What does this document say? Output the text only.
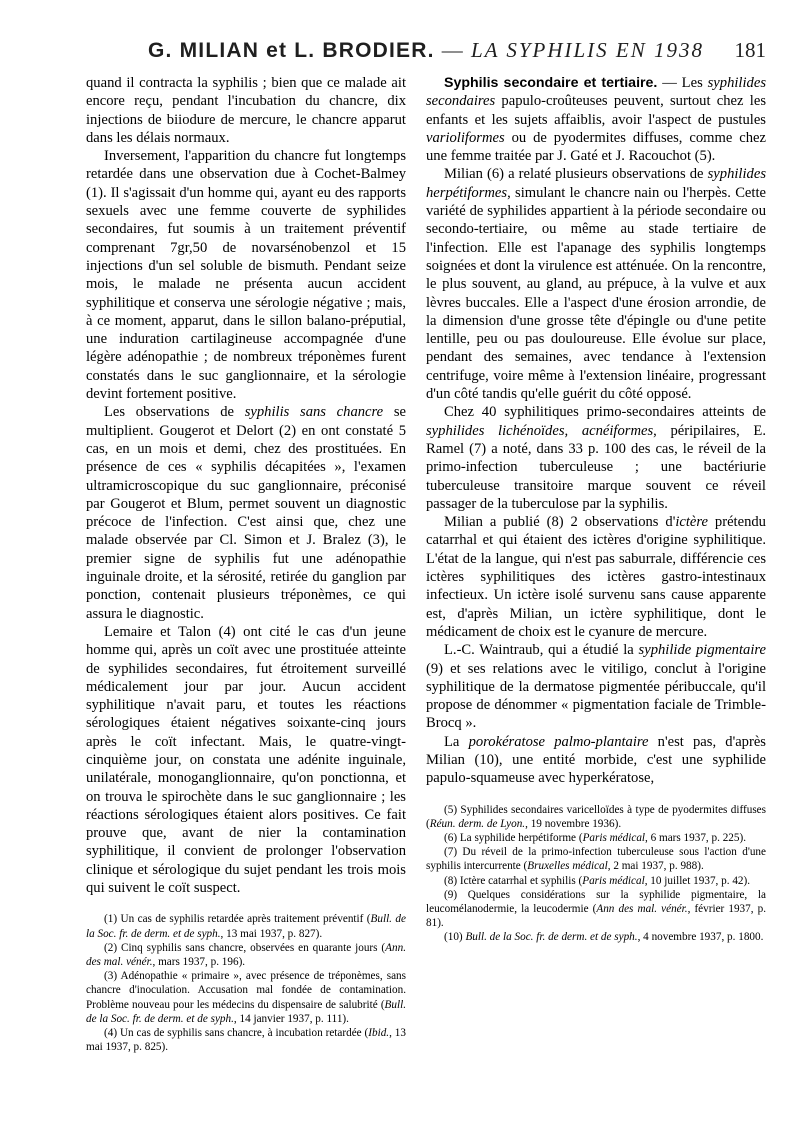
G. MILIAN et L. BRODIER. — LA SYPHILIS EN 1938 181

quand il contracta la syphilis ; bien que ce malade ait encore reçu, pendant l'incubation du chancre, dix injections de biiodure de mercure, le chancre apparut dans les délais normaux.

Inversement, l'apparition du chancre fut longtemps retardée dans une observation due à Cochet-Balmey (1). Il s'agissait d'un homme qui, ayant eu des rapports sexuels avec une femme couverte de syphilides secondaires, fut soumis à un traitement préventif comprenant 7gr,50 de novarsénobenzol et 15 injections d'un sel soluble de bismuth. Pendant seize mois, le malade ne présenta aucun accident syphilitique et conserva une sérologie négative ; mais, à ce moment, apparut, dans le sillon balano-préputial, une induration cartilagineuse accompagnée d'une légère adénopathie ; de nombreux tréponèmes furent constatés dans le suc ganglionnaire, et la sérologie devint fortement positive.

Les observations de syphilis sans chancre se multiplient. Gougerot et Delort (2) en ont constaté 5 cas, en un mois et demi, chez des prostituées. En présence de ces « syphilis décapitées », l'examen ultramicroscopique du suc ganglionnaire, préconisé par Gougerot et Blum, permet souvent un diagnostic précoce de l'infection. C'est ainsi que, chez une malade observée par Cl. Simon et J. Bralez (3), le premier signe de syphilis fut une adénopathie inguinale droite, et la sérosité, retirée du ganglion par ponction, contenait plusieurs tréponèmes, ce qui assura le diagnostic.

Lemaire et Talon (4) ont cité le cas d'un jeune homme qui, après un coït avec une prostituée atteinte de syphilides secondaires, fut étroitement surveillé médicalement jour par jour. Aucun accident syphilitique n'avait paru, et toutes les réactions sérologiques étaient négatives soixante-cinq jours après le coït infectant. Mais, le quatre-vingt-cinquième jour, on constata une adénite inguinale, unilatérale, monoganglionnaire, qu'on ponctionna, et on trouva le spirochète dans le suc ganglionnaire ; les réactions sérologiques étaient alors positives. Ce fait prouve que, avant de nier la contamination syphilitique, il convient de prolonger l'observation clinique et sérologique du sujet pendant les trois mois qui suivent le coït suspect.

(1) Un cas de syphilis retardée après traitement préventif (Bull. de la Soc. fr. de derm. et de syph., 13 mai 1937, p. 827).

(2) Cinq syphilis sans chancre, observées en quarante jours (Ann. des mal. vénér., mars 1937, p. 196).

(3) Adénopathie « primaire », avec présence de tréponèmes, sans chancre d'inoculation. Accusation mal fondée de contamination. Problème nouveau pour les médecins du dispensaire de salubrité (Bull. de la Soc. fr. de derm. et de syph., 14 janvier 1937, p. 111).

(4) Un cas de syphilis sans chancre, à incubation retardée (Ibid., 13 mai 1937, p. 825).

Syphilis secondaire et tertiaire. — Les syphilides secondaires papulo-croûteuses peuvent, surtout chez les enfants et les sujets affaiblis, avoir l'aspect de pustules varioliformes ou de pyodermites diffuses, comme chez une femme traitée par J. Gaté et J. Racouchot (5).

Milian (6) a relaté plusieurs observations de syphilides herpétiformes, simulant le chancre nain ou l'herpès. Cette variété de syphilides appartient à la période secondaire ou secondo-tertiaire, ou même au stade tertiaire de l'infection. Elle est l'apanage des syphilis longtemps soignées et dont la virulence est atténuée. On la rencontre, le plus souvent, au gland, au prépuce, à la vulve et aux lèvres buccales. Elle a l'aspect d'une érosion arrondie, de la dimension d'une grosse tête d'épingle ou d'une petite lentille, peu ou pas douloureuse. Elle évolue sur place, pendant des semaines, avec tendance à l'extension centrifuge, voire même à l'extension linéaire, progressant d'un côté tandis qu'elle guérit du côté opposé.

Chez 40 syphilitiques primo-secondaires atteints de syphilides lichénoïdes, acnéiformes, péripilaires, E. Ramel (7) a noté, dans 33 p. 100 des cas, le réveil de la primo-infection tuberculeuse ; une bactériurie tuberculeuse transitoire marque souvent ce réveil passager de la tuberculose par la syphilis.

Milian a publié (8) 2 observations d'ictère prétendu catarrhal et qui étaient des ictères d'origine syphilitique. L'état de la langue, qui n'est pas saburrale, différencie ces ictères syphilitiques des ictères gastro-intestinaux infectieux. Un ictère isolé survenu sans cause apparente est, d'après Milian, un ictère syphilitique, dont le médicament de choix est le cyanure de mercure.

L.-C. Waintraub, qui a étudié la syphilide pigmentaire (9) et ses relations avec le vitiligo, conclut à l'origine syphilitique de la dermatose pigmentée péribuccale, qu'il propose de dénommer « pigmentation faciale de Trimble-Brocq ».

La porokératose palmo-plantaire n'est pas, d'après Milian (10), une entité morbide, c'est une syphilide papulo-squameuse avec hyperkératose,

(5) Syphilides secondaires varicelloïdes à type de pyodermites diffuses (Réun. derm. de Lyon., 19 novembre 1936).

(6) La syphilide herpétiforme (Paris médical, 6 mars 1937, p. 225).

(7) Du réveil de la primo-infection tuberculeuse sous l'action d'une syphilis intercurrente (Bruxelles médical, 2 mai 1937, p. 988).

(8) Ictère catarrhal et syphilis (Paris médical, 10 juillet 1937, p. 42).

(9) Quelques considérations sur la syphilide pigmentaire, la leucomélanodermie, la leucodermie (Ann des mal. vénér., février 1937, p. 81).

(10) Bull. de la Soc. fr. de derm. et de syph., 4 novembre 1937, p. 1800.
